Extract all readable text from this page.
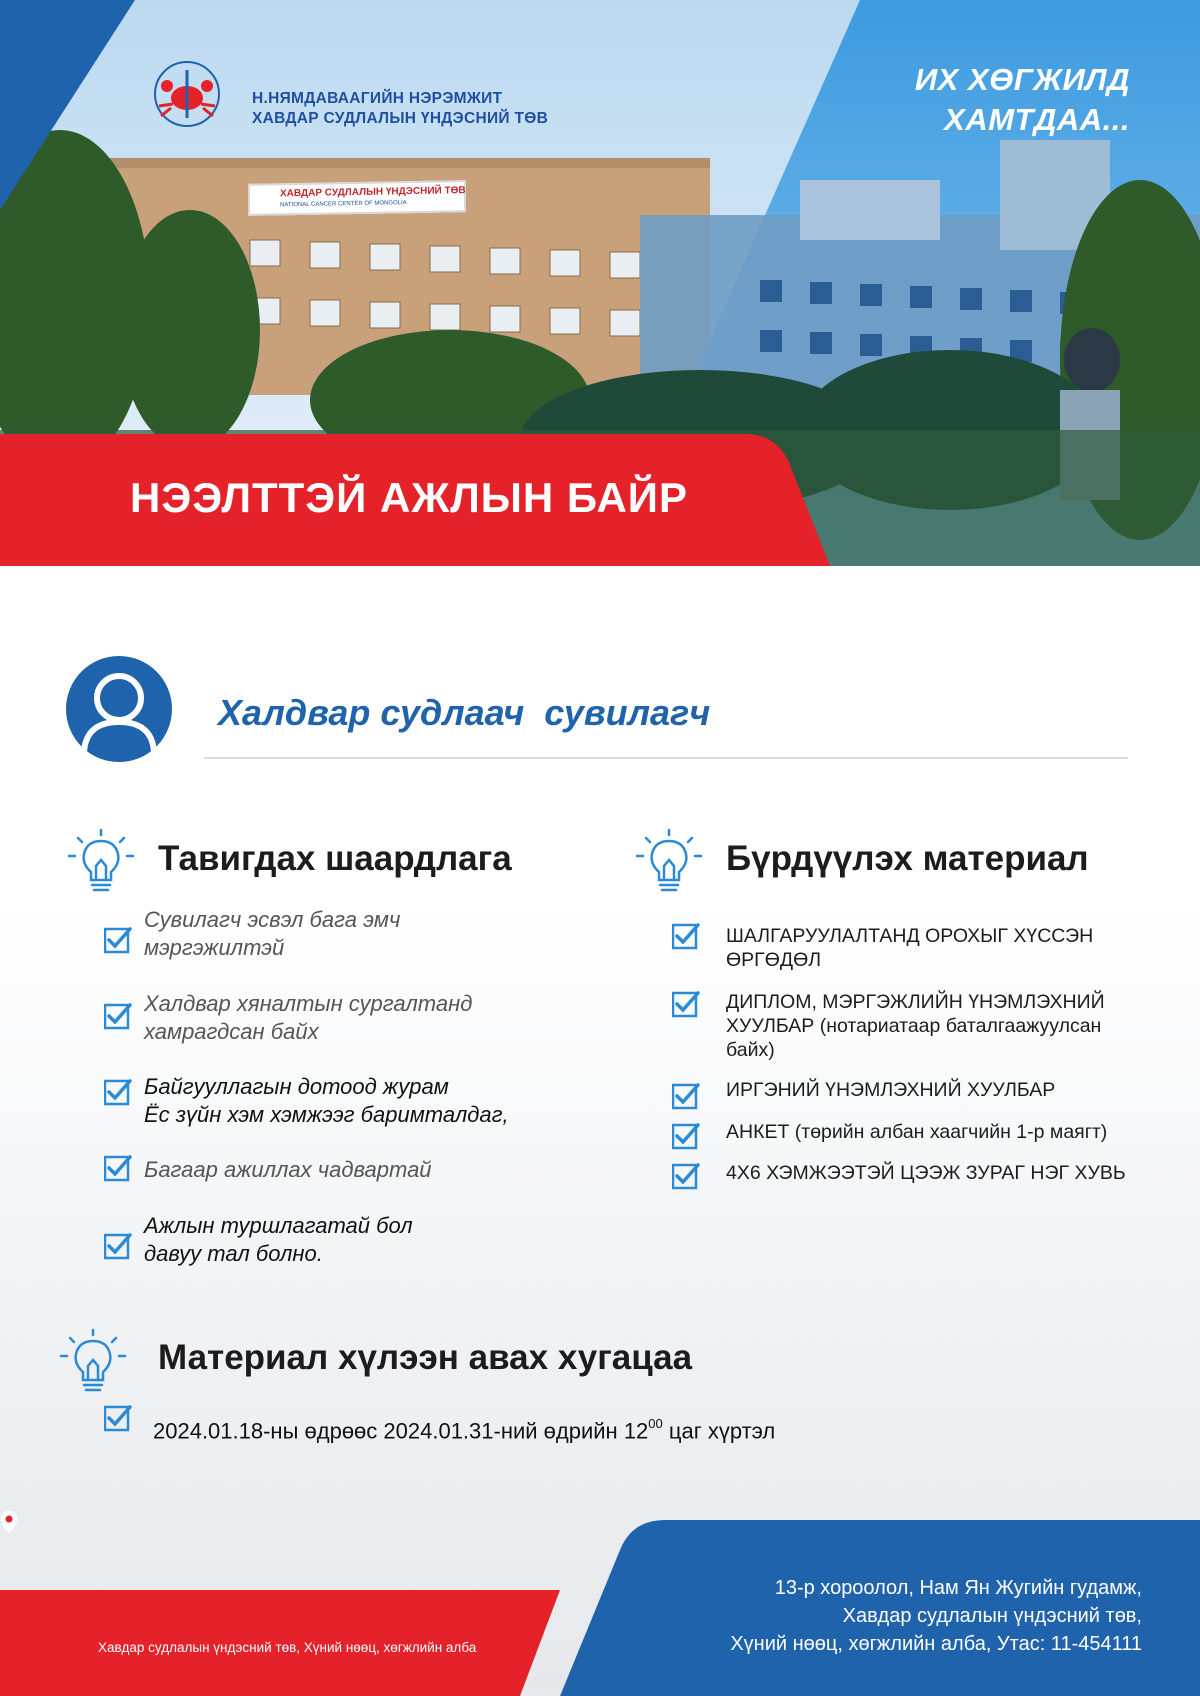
Н.НЯМДАВААГИЙН НЭРЭМЖИТ
ХАВДАР СУДЛАЛЫН ҮНДЭСНИЙ ТӨВ
ХАВДАР СУДЛАЛЫН ҮНДЭСНИЙ ТӨВ
NATIONAL CANCER CENTER OF MONGOLIA
ИХ ХӨГЖИЛД
ХАМТДАА...
НЭЭЛТТЭЙ АЖЛЫН БАЙР
Халдвар судлаач  сувилагч
Тавигдах шаардлага
Сувилагч эсвэл бага эмч
мэргэжилтэй
Халдвар хяналтын сургалтанд
хамрагдсан байх
Байгууллагын дотоод журам
Ёс зүйн хэм хэмжээг баримталдаг,
Багаар ажиллах чадвартай
Ажлын туршлагатай бол
давуу тал болно.
Бүрдүүлэх материал
ШАЛГАРУУЛАЛТАНД ОРОХЫГ ХҮССЭН
ӨРГӨДӨЛ
ДИПЛОМ, МЭРГЭЖЛИЙН ҮНЭМЛЭХНИЙ
ХУУЛБАР (нотариатаар баталгаажуулсан
байх)
ИРГЭНИЙ ҮНЭМЛЭХНИЙ ХУУЛБАР
АНКЕТ (төрийн албан хаагчийн 1-р маягт)
4Х6 ХЭМЖЭЭТЭЙ ЦЭЭЖ ЗУРАГ НЭГ ХУВЬ
Материал хүлээн авах хугацаа
2024.01.18-ны өдрөөс 2024.01.31-ний өдрийн $12^{00}$ цаг хүртэл
Хавдар судлалын үндэсний төв, Хүний нөөц, хөгжлийн алба
13-р хороолол, Нам Ян Жугийн гудамж,
Хавдар судлалын үндэсний төв,
Хүний нөөц, хөгжлийн алба, Утас: 11-454111
